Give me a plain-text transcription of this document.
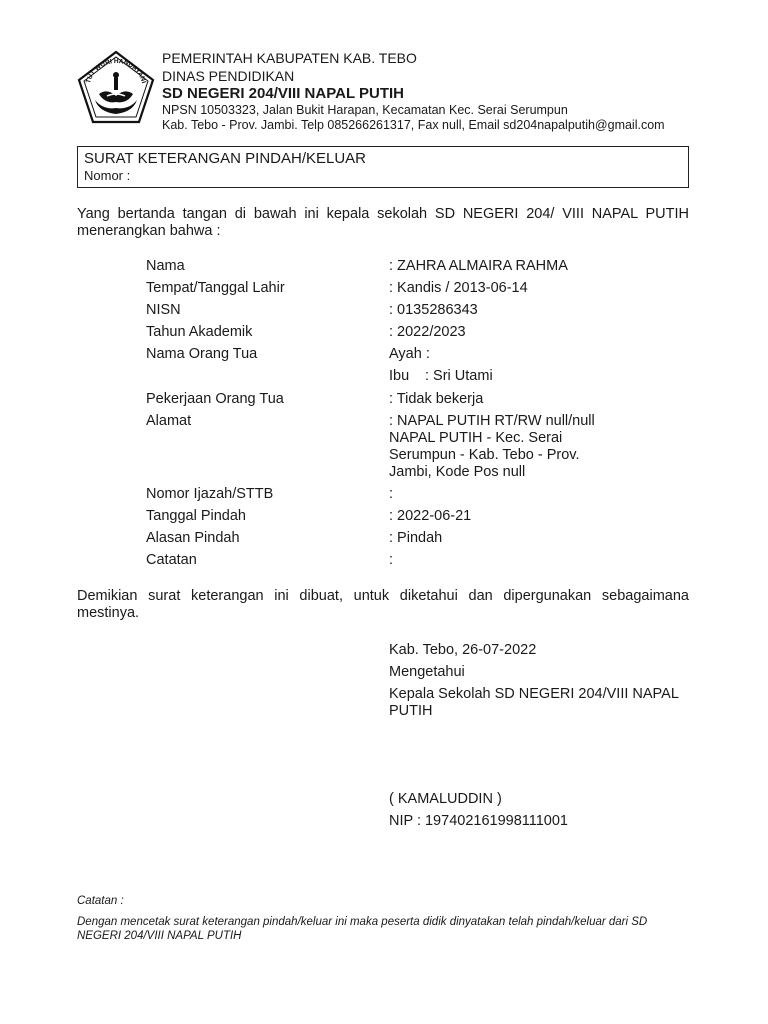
TUT WURI HANDAYANI
PEMERINTAH KABUPATEN KAB. TEBO
DINAS PENDIDIKAN
SD NEGERI 204/VIII NAPAL PUTIH
NPSN 10503323, Jalan Bukit Harapan, Kecamatan Kec. Serai Serumpun
Kab. Tebo - Prov. Jambi. Telp 085266261317, Fax null, Email sd204napalputih@gmail.com
SURAT KETERANGAN PINDAH/KELUAR
Nomor :
Yang bertanda tangan di bawah ini kepala sekolah SD NEGERI 204/ VIII NAPAL PUTIH menerangkan bahwa :
Nama	: ZAHRA ALMAIRA RAHMA
Tempat/Tanggal Lahir	: Kandis / 2013-06-14
NISN	: 0135286343
Tahun Akademik	: 2022/2023
Nama Orang Tua	Ayah :
Ibu : Sri Utami
Pekerjaan Orang Tua	: Tidak bekerja
Alamat	: NAPAL PUTIH RT/RW null/null NAPAL PUTIH - Kec. Serai Serumpun - Kab. Tebo - Prov. Jambi, Kode Pos null
Nomor Ijazah/STTB	:
Tanggal Pindah	: 2022-06-21
Alasan Pindah	: Pindah
Catatan	:
Demikian surat keterangan ini dibuat, untuk diketahui dan dipergunakan sebagaimana mestinya.
Kab. Tebo, 26-07-2022
Mengetahui
Kepala Sekolah SD NEGERI 204/VIII NAPAL PUTIH
( KAMALUDDIN )
NIP : 197402161998111001
Catatan :
Dengan mencetak surat keterangan pindah/keluar ini maka peserta didik dinyatakan telah pindah/keluar dari SD NEGERI 204/VIII NAPAL PUTIH
